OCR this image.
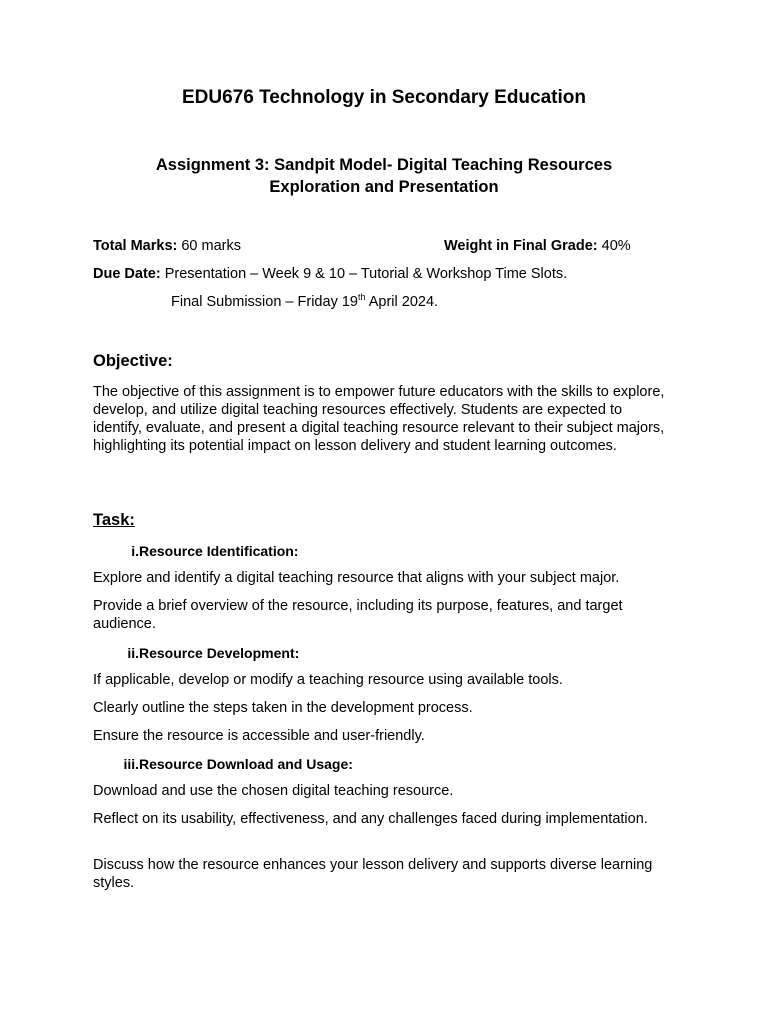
EDU676 Technology in Secondary Education
Assignment 3: Sandpit Model- Digital Teaching Resources
Exploration and Presentation
Total Marks: 60 marks	Weight in Final Grade: 40%
Due Date: Presentation – Week 9 & 10 – Tutorial & Workshop Time Slots.
Final Submission – Friday 19th April 2024.
Objective:

The objective of this assignment is to empower future educators with the skills to explore, develop, and utilize digital teaching resources effectively. Students are expected to identify, evaluate, and present a digital teaching resource relevant to their subject majors, highlighting its potential impact on lesson delivery and student learning outcomes.

Task:
i. Resource Identification:

Explore and identify a digital teaching resource that aligns with your subject major.

Provide a brief overview of the resource, including its purpose, features, and target audience.

ii. Resource Development:

If applicable, develop or modify a teaching resource using available tools.

Clearly outline the steps taken in the development process.

Ensure the resource is accessible and user-friendly.

iii. Resource Download and Usage:

Download and use the chosen digital teaching resource.

Reflect on its usability, effectiveness, and any challenges faced during implementation.

Discuss how the resource enhances your lesson delivery and supports diverse learning styles.
